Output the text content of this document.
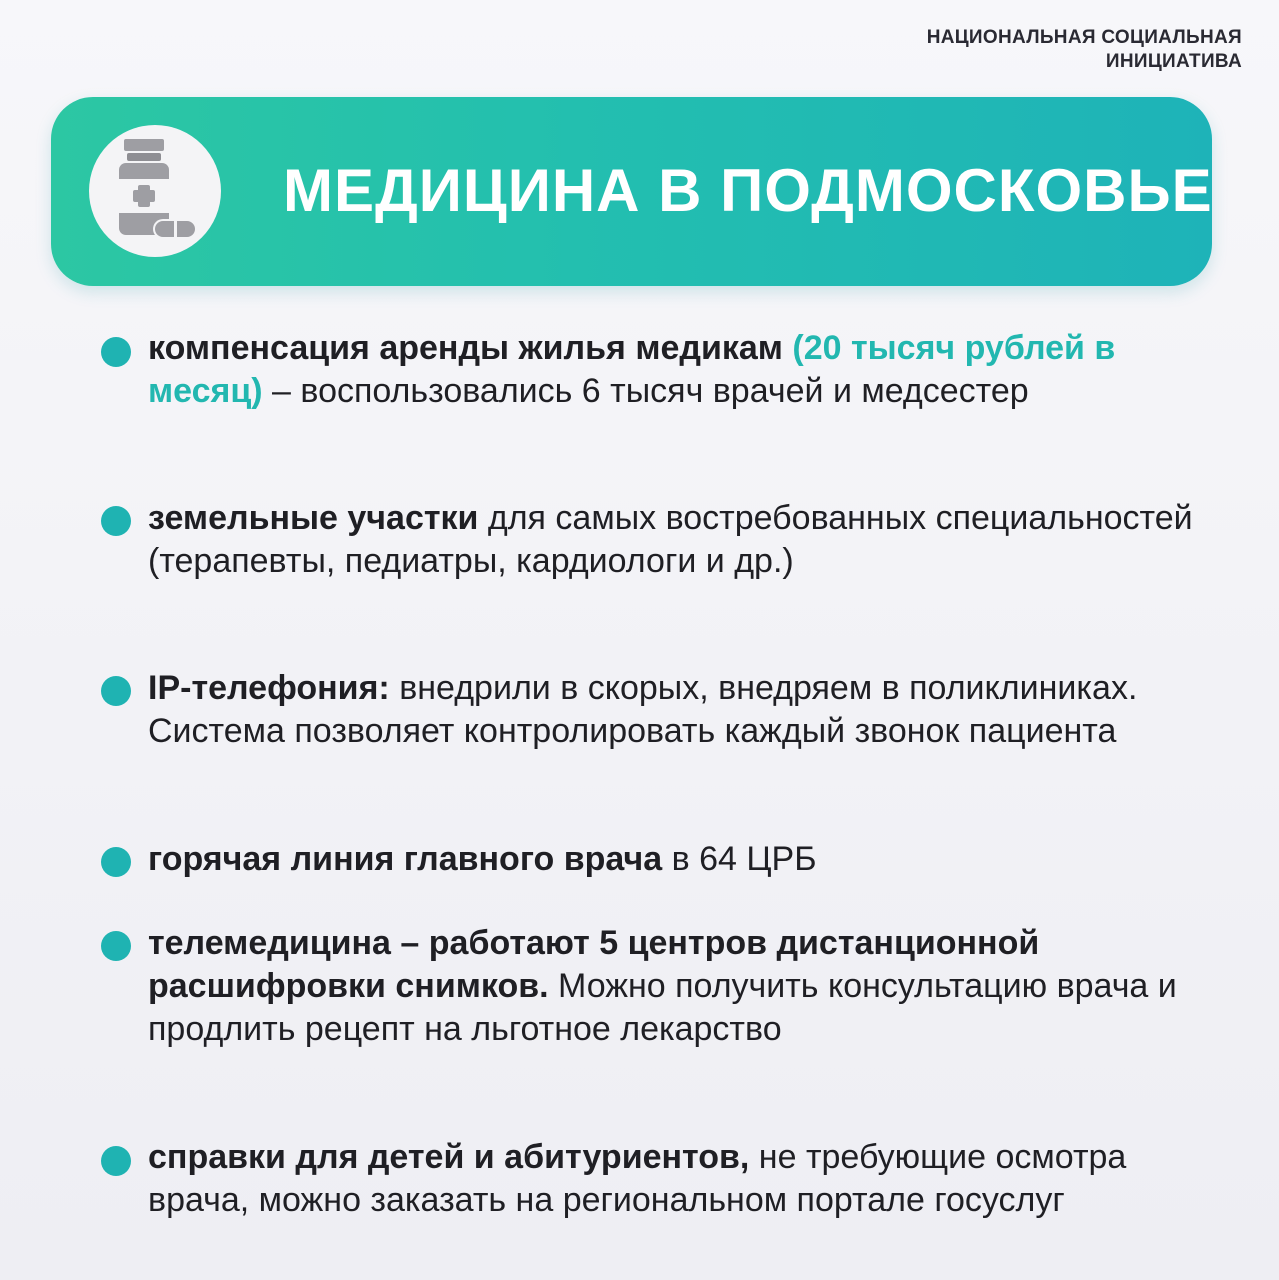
НАЦИОНАЛЬНАЯ СОЦИАЛЬНАЯ
ИНИЦИАТИВА
МЕДИЦИНА В ПОДМОСКОВЬЕ
компенсация аренды жилья медикам (20 тысяч рублей в месяц) – воспользовались 6 тысяч врачей и медсестер
земельные участки для самых востребованных специальностей (терапевты, педиатры, кардиологи и др.)
IP-телефония: внедрили в скорых, внедряем в поликлиниках. Система позволяет контролировать каждый звонок пациента
горячая линия главного врача в 64 ЦРБ
телемедицина – работают 5 центров дистанционной расшифровки снимков. Можно получить консультацию врача и продлить рецепт на льготное лекарство
справки для детей и абитуриентов, не требующие осмотра врача, можно заказать на региональном портале госуслуг
